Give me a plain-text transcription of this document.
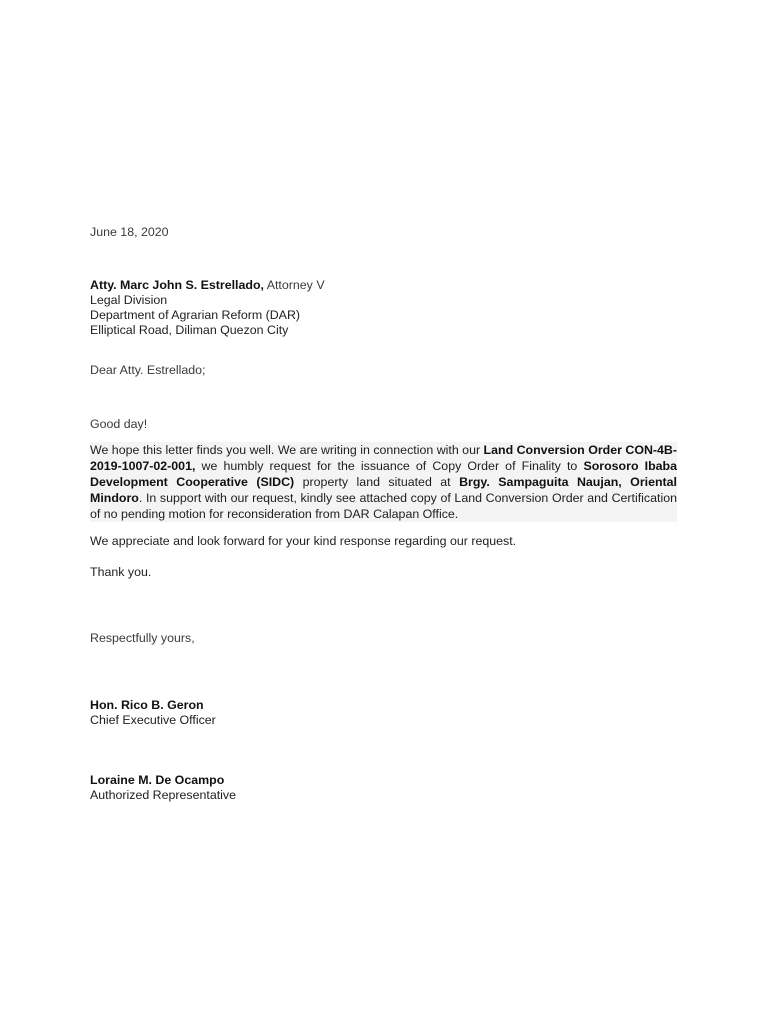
June 18, 2020
Atty. Marc John S. Estrellado, Attorney V
Legal Division
Department of Agrarian Reform (DAR)
Elliptical Road, Diliman Quezon City
Dear Atty. Estrellado;
Good day!
We hope this letter finds you well. We are writing in connection with our Land Conversion Order CON-4B-2019-1007-02-001, we humbly request for the issuance of Copy Order of Finality to Sorosoro Ibaba Development Cooperative (SIDC) property land situated at Brgy. Sampaguita Naujan, Oriental Mindoro. In support with our request, kindly see attached copy of Land Conversion Order and Certification of no pending motion for reconsideration from DAR Calapan Office.
We appreciate and look forward for your kind response regarding our request.
Thank you.
Respectfully yours,
Hon. Rico B. Geron
Chief Executive Officer
Loraine M. De Ocampo
Authorized Representative
